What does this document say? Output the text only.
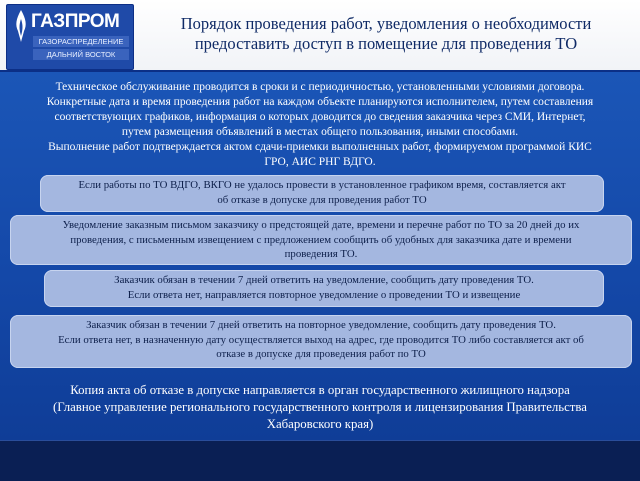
ГАЗПРОМ
ГАЗОРАСПРЕДЕЛЕНИЕ
ДАЛЬНИЙ ВОСТОК
Порядок проведения работ, уведомления о необходимости
предоставить доступ в помещение для проведения ТО
Техническое обслуживание проводится в сроки и с периодичностью, установленными условиями договора.
Конкретные дата и время проведения работ на каждом объекте планируются исполнителем, путем составления
соответствующих графиков, информация о которых доводится до сведения заказчика через СМИ, Интернет,
путем размещения объявлений в местах общего пользования, иными способами.
Выполнение работ подтверждается актом сдачи-приемки выполненных работ, формируемом программой КИС
ГРО, АИС РНГ ВДГО.
Если работы по ТО ВДГО, ВКГО не удалось провести в установленное графиком время, составляется акт
об отказе в допуске для проведения работ ТО
Уведомление заказным письмом заказчику о предстоящей дате, времени и перечне работ по ТО за 20 дней до их
проведения, с письменным извещением с предложением сообщить об удобных для заказчика дате и времени
проведения ТО.
Заказчик обязан в течении 7 дней ответить на уведомление, сообщить дату проведения ТО.
Если ответа нет, направляется повторное уведомление о проведении ТО и извещение
Заказчик обязан в течении 7 дней ответить на повторное уведомление, сообщить дату проведения ТО.
Если ответа нет, в назначенную дату осуществляется выход на адрес, где проводится ТО либо составляется акт об
отказе в допуске для проведения работ по ТО
Копия акта об отказе в допуске направляется в орган государственного жилищного надзора
(Главное управление регионального государственного контроля и лицензирования Правительства
Хабаровского края)
